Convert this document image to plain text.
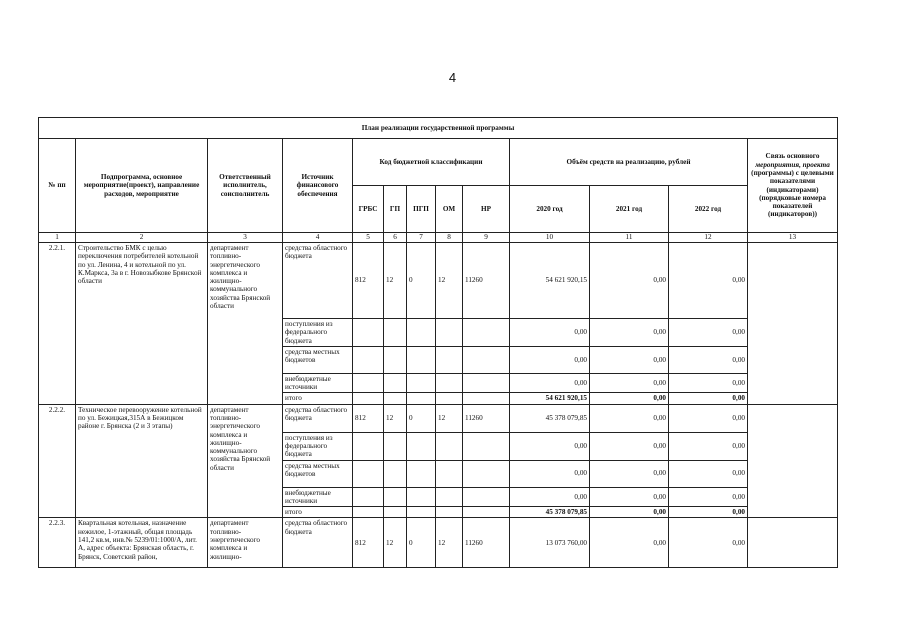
4
План реализации государственной программы												
№ пп	Подпрограмма, основное мероприятие(проект), направление расходов, мероприятие	Ответственный исполнитель, соисполнитель	Источник финансового обеспечения	Код бюджетной классификации					Объём средств на реализацию, рублей			Связь основного мероприятия, проекта (программы) с целевыми показателями (индикаторами) (порядковые номера показателей (индикаторов))
				ГРБС	ГП	ПГП	ОМ	НР	2020 год	2021 год	2022 год	
1	2	3	4	5	6	7	8	9	10	11	12	13
2.2.1.	Строительство БМК с целью переключения потребителей котельной по ул. Ленина, 4 и котельной по ул. К.Маркса, 3а в г. Новозыбкове Брянской области	департамент топливно-энергетического комплекса и жилищно-коммунального хозяйства Брянской области	средства областного бюджета	812	12	0	12	11260	54 621 920,15	0,00	0,00	
			поступления из федерального бюджета						0,00	0,00	0,00	
			средства местных бюджетов						0,00	0,00	0,00	
			внебюджетные источники						0,00	0,00	0,00	
			итого						54 621 920,15	0,00	0,00	
2.2.2.	Техническое перевооружение котельной по ул. Бежицкая,315А в Бежицком районе г. Брянска (2 и 3 этапы)	департамент топливно-энергетического комплекса и жилищно-коммунального хозяйства Брянской области	средства областного бюджета	812	12	0	12	11260	45 378 079,85	0,00	0,00	
			поступления из федерального бюджета						0,00	0,00	0,00	
			средства местных бюджетов						0,00	0,00	0,00	
			внебюджетные источники						0,00	0,00	0,00	
			итого						45 378 079,85	0,00	0,00	
2.2.3.	Квартальная котельная, назначение нежилое, 1-этажный, общая площадь 141,2 кв.м, инв.№ 5239/01:1000/А, лит. А, адрес объекта: Брянская область, г. Брянск, Советский район,	департамент топливно-энергетического комплекса и жилищно-	средства областного бюджета	812	12	0	12	11260	13 073 760,00	0,00	0,00	
